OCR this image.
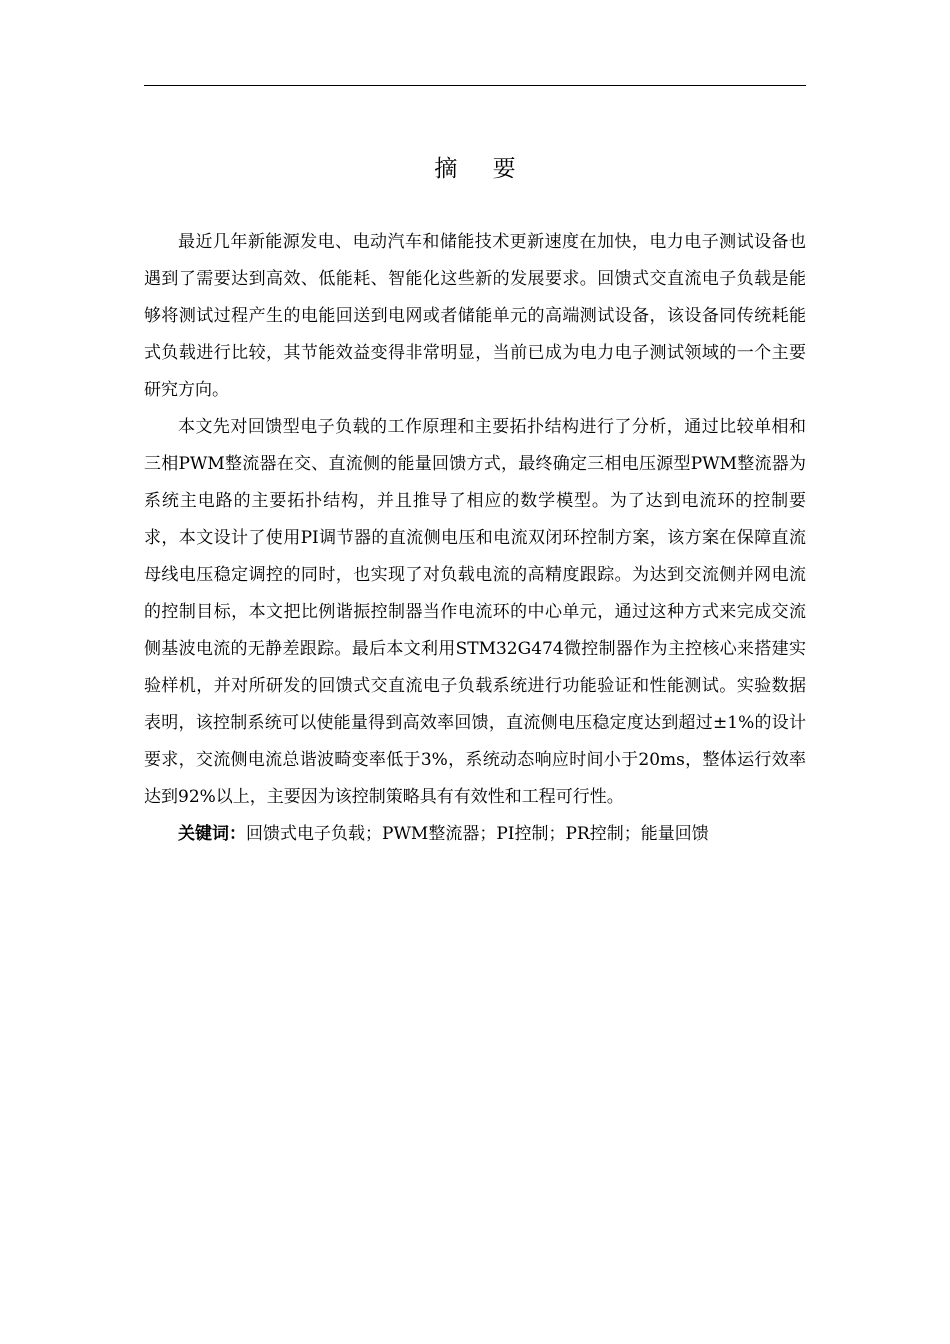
摘 要

最近几年新能源发电、电动汽车和储能技术更新速度在加快，电力电子测试设备也遇到了需要达到高效、低能耗、智能化这些新的发展要求。回馈式交直流电子负载是能够将测试过程产生的电能回送到电网或者储能单元的高端测试设备，该设备同传统耗能式负载进行比较，其节能效益变得非常明显，当前已成为电力电子测试领域的一个主要研究方向。

本文先对回馈型电子负载的工作原理和主要拓扑结构进行了分析，通过比较单相和三相PWM整流器在交、直流侧的能量回馈方式，最终确定三相电压源型PWM整流器为系统主电路的主要拓扑结构，并且推导了相应的数学模型。为了达到电流环的控制要求，本文设计了使用PI调节器的直流侧电压和电流双闭环控制方案，该方案在保障直流母线电压稳定调控的同时，也实现了对负载电流的高精度跟踪。为达到交流侧并网电流的控制目标，本文把比例谐振控制器当作电流环的中心单元，通过这种方式来完成交流侧基波电流的无静差跟踪。最后本文利用STM32G474微控制器作为主控核心来搭建实验样机，并对所研发的回馈式交直流电子负载系统进行功能验证和性能测试。实验数据表明，该控制系统可以使能量得到高效率回馈，直流侧电压稳定度达到超过±1%的设计要求，交流侧电流总谐波畸变率低于3%，系统动态响应时间小于20ms，整体运行效率达到92%以上，主要因为该控制策略具有有效性和工程可行性。

关键词：回馈式电子负载；PWM整流器；PI控制；PR控制；能量回馈
